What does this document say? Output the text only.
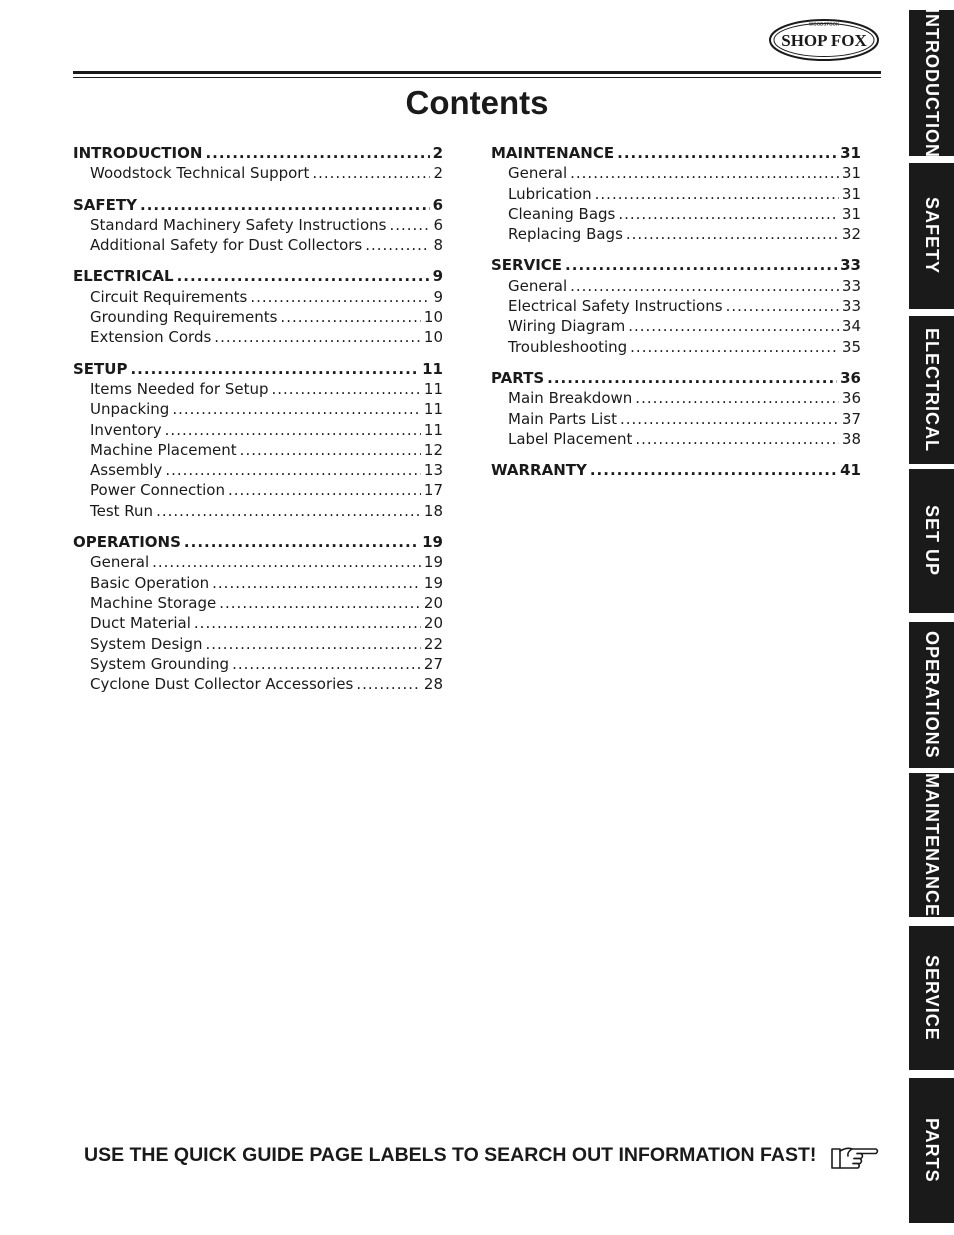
WOODSTOCK
SHOP FOX
Contents
INTRODUCTION .....	2
Woodstock Technical Support .....	2
SAFETY .....	6
Standard Machinery Safety Instructions .....	6
Additional Safety for Dust Collectors .....	8
ELECTRICAL .....	9
Circuit Requirements .....	9
Grounding Requirements .....	10
Extension Cords .....	10
SETUP .....	11
Items Needed for Setup .....	11
Unpacking .....	11
Inventory .....	11
Machine Placement .....	12
Assembly .....	13
Power Connection .....	17
Test Run .....	18
OPERATIONS .....	19
General .....	19
Basic Operation .....	19
Machine Storage .....	20
Duct Material .....	20
System Design .....	22
System Grounding .....	27
Cyclone Dust Collector Accessories .....	28
MAINTENANCE .....	31
General .....	31
Lubrication .....	31
Cleaning Bags .....	31
Replacing Bags .....	32
SERVICE .....	33
General .....	33
Electrical Safety Instructions .....	33
Wiring Diagram .....	34
Troubleshooting .....	35
PARTS .....	36
Main Breakdown .....	36
Main Parts List .....	37
Label Placement .....	38
WARRANTY .....	41
INTRODUCTION
SAFETY
ELECTRICAL
SET UP
OPERATIONS
MAINTENANCE
SERVICE
PARTS
USE THE QUICK GUIDE PAGE LABELS TO SEARCH OUT INFORMATION FAST!
